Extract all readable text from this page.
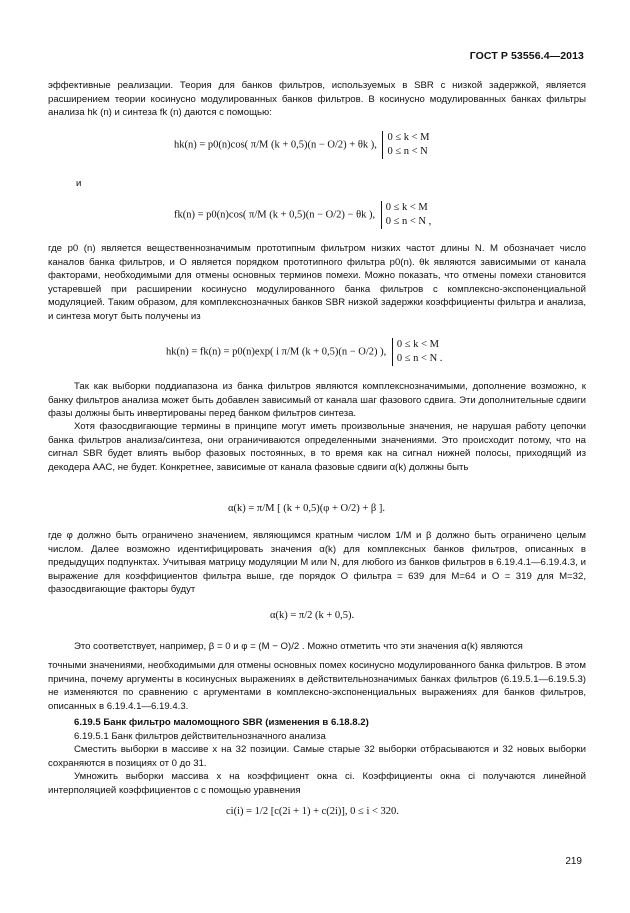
ГОСТ Р 53556.4—2013

эффективные реализации. Теория для банков фильтров, используемых в SBR с низкой задержкой, является расширением теории косинусно модулированных банков фильтров. В косинусно модулированных банках фильтры анализа hk (n) и синтеза fk (n) даются с помощью:

hk(n) = p0(n)cos( π/M (k + 0,5)(n − O/2) + θk ), 0 ≤ k < M
0 ≤ n < N
и
fk(n) = p0(n)cos( π/M (k + 0,5)(n − O/2) − θk ), 0 ≤ k < M
0 ≤ n < N ,

где p0 (n) является вещественнозначимым прототипным фильтром низких частот длины N. M обозначает число каналов банка фильтров, и O является порядком прототипного фильтра p0(n). θk являются зависимыми от канала факторами, необходимыми для отмены основных терминов помехи. Можно показать, что отмены помехи становится устаревшей при расширении косинусно модулированного банка фильтров с комплексно-экспоненциальной модуляцией. Таким образом, для комплекснозначных банков SBR низкой задержки коэффициенты фильтра и анализа, и синтеза могут быть получены из

hk(n) = fk(n) = p0(n)exp( i π/M (k + 0,5)(n − O/2) ), 0 ≤ k < M
0 ≤ n < N .

Так как выборки поддиапазона из банка фильтров являются комплекснозначимыми, дополнение возможно, к банку фильтров анализа может быть добавлен зависимый от канала шаг фазового сдвига. Эти дополнительные сдвиги фазы должны быть инвертированы перед банком фильтров синтеза.

Хотя фазосдвигающие термины в принципе могут иметь произвольные значения, не нарушая работу цепочки банка фильтров анализа/синтеза, они ограничиваются определенными значениями. Это происходит потому, что на сигнал SBR будет влиять выбор фазовых постоянных, в то время как на сигнал нижней полосы, приходящий из декодера AAC, не будет. Конкретнее, зависимые от канала фазовые сдвиги α(k) должны быть

α(k) = π/M [ (k + 0,5)(φ + O/2) + β ].

где φ должно быть ограничено значением, являющимся кратным числом 1/M и β должно быть ограничено целым числом. Далее возможно идентифицировать значения α(k) для комплексных банков фильтров, описанных в предыдущих подпунктах. Учитывая матрицу модуляции M или N, для любого из банков фильтров в 6.19.4.1—6.19.4.3, и выражение для коэффициентов фильтра выше, где порядок O фильтра = 639 для M=64 и O = 319 для M=32, фазосдвигающие факторы будут

α(k) = π/2 (k + 0,5).

Это соответствует, например, β = 0 и φ = (M − O)/2 . Можно отметить что эти значения α(k) являются

точными значениями, необходимыми для отмены основных помех косинусно модулированного банка фильтров. В этом причина, почему аргументы в косинусных выражениях в действительнозначимых банках фильтров (6.19.5.1—6.19.5.3) не изменяются по сравнению с аргументами в комплексно-экспоненциальных выражениях для банков фильтров, описанных в 6.19.4.1—6.19.4.3.

6.19.5 Банк фильтро маломощного SBR (изменения в 6.18.8.2)
6.19.5.1 Банк фильтров действительнозначного анализа

Сместить выборки в массиве x на 32 позиции. Самые старые 32 выборки отбрасываются и 32 новых выборки сохраняются в позициях от 0 до 31.

Умножить выборки массива x на коэффициент окна ci. Коэффициенты окна ci получаются линейной интерполяцией коэффициентов c с помощью уравнения

ci(i) = 1/2 [c(2i + 1) + c(2i)], 0 ≤ i < 320.
219
